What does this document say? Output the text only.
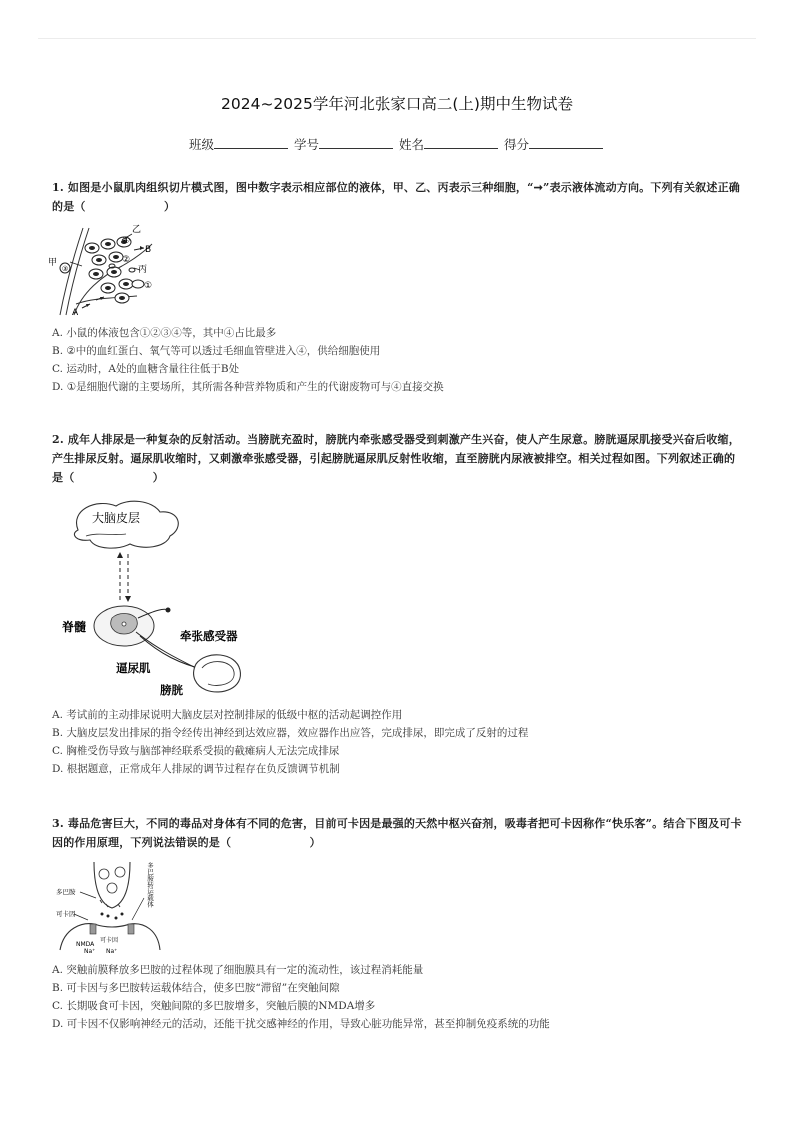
2024~2025学年河北张家口高二(上)期中生物试卷
班级	学号	姓名	得分
1. 如图是小鼠肌肉组织切片模式图，图中数字表示相应部位的液体，甲、乙、丙表示三种细胞，“➞”表示液体流动方向。下列有关叙述正确的是（　　　　　　　）
③
甲
乙
④
B
②
丙
①
A
A. 小鼠的体液包含①②③④等，其中④占比最多
B. ②中的血红蛋白、氧气等可以透过毛细血管壁进入④，供给细胞使用
C. 运动时，A处的血糖含量往往低于B处
D. ①是细胞代谢的主要场所，其所需各种营养物质和产生的代谢废物可与④直接交换
2. 成年人排尿是一种复杂的反射活动。当膀胱充盈时，膀胱内牵张感受器受到刺激产生兴奋，使人产生尿意。膀胱逼尿肌接受兴奋后收缩，产生排尿反射。逼尿肌收缩时，又刺激牵张感受器，引起膀胱逼尿肌反射性收缩，直至膀胱内尿液被排空。相关过程如图。下列叙述正确的是（　　　　　　　）
大脑皮层
脊髓
牵张感受器
逼尿肌
膀胱
A. 考试前的主动排尿说明大脑皮层对控制排尿的低级中枢的活动起调控作用
B. 大脑皮层发出排尿的指令经传出神经到达效应器，效应器作出应答，完成排尿，即完成了反射的过程
C. 胸椎受伤导致与脑部神经联系受损的截瘫病人无法完成排尿
D. 根据题意，正常成年人排尿的调节过程存在负反馈调节机制
3. 毒品危害巨大，不同的毒品对身体有不同的危害，目前可卡因是最强的天然中枢兴奋剂，吸毒者把可卡因称作“快乐客”。结合下图及可卡因的作用原理，下列说法错误的是（　　　　　　　）
多巴胺
可卡因
多巴胺转运载体
NMDA
可卡因
Na⁺ Na⁺
A. 突触前膜释放多巴胺的过程体现了细胞膜具有一定的流动性，该过程消耗能量
B. 可卡因与多巴胺转运载体结合，使多巴胺“滞留”在突触间隙
C. 长期吸食可卡因，突触间隙的多巴胺增多，突触后膜的NMDA增多
D. 可卡因不仅影响神经元的活动，还能干扰交感神经的作用，导致心脏功能异常，甚至抑制免疫系统的功能
